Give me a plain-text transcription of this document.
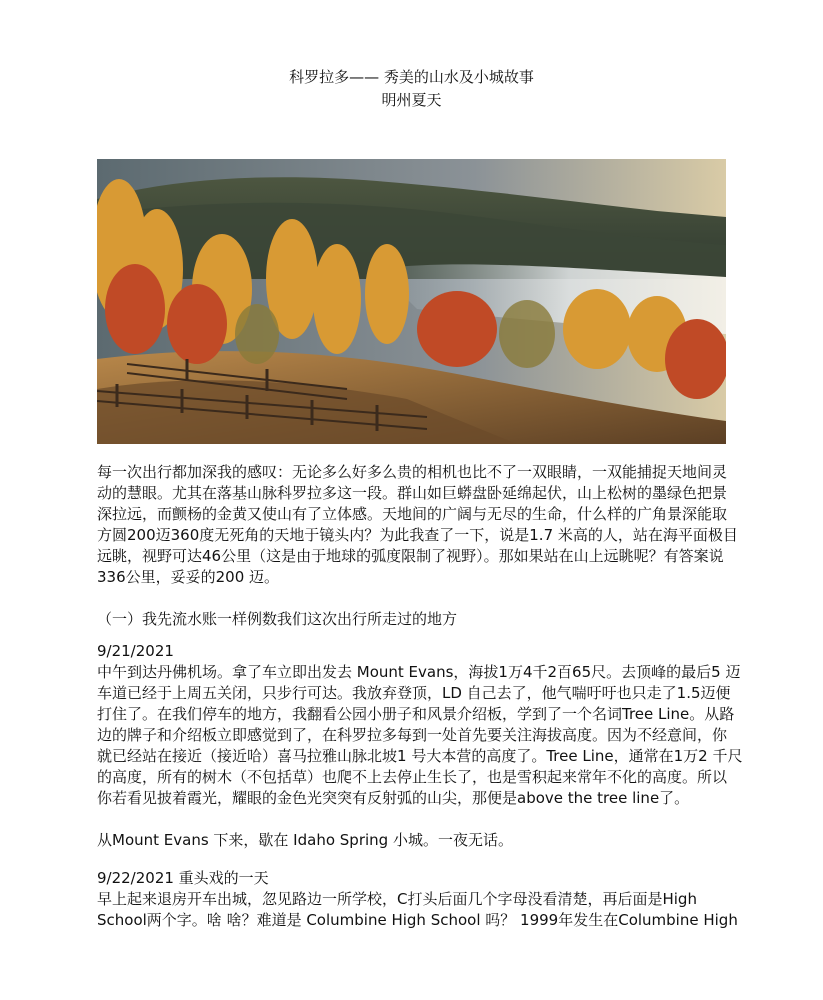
科罗拉多—— 秀美的山水及小城故事
明州夏天
每一次出行都加深我的感叹：无论多么好多么贵的相机也比不了一双眼睛，一双能捕捉天地间灵
动的慧眼。尤其在落基山脉科罗拉多这一段。群山如巨蟒盘卧延绵起伏，山上松树的墨绿色把景
深拉远，而颤杨的金黄又使山有了立体感。天地间的广阔与无尽的生命，什么样的广角景深能取
方圆200迈360度无死角的天地于镜头内？为此我查了一下，说是1.7 米高的人，站在海平面极目
远眺，视野可达46公里（这是由于地球的弧度限制了视野）。那如果站在山上远眺呢？有答案说
336公里，妥妥的200 迈。
（一）我先流水账一样例数我们这次出行所走过的地方
9/21/2021
中午到达丹佛机场。拿了车立即出发去 Mount Evans，海拔1万4千2百65尺。去顶峰的最后5 迈
车道已经于上周五关闭，只步行可达。我放弃登顶，LD 自己去了，他气喘吁吁也只走了1.5迈便
打住了。在我们停车的地方，我翻看公园小册子和风景介绍板，学到了一个名词Tree Line。从路
边的牌子和介绍板立即感觉到了，在科罗拉多每到一处首先要关注海拔高度。因为不经意间，你
就已经站在接近（接近哈）喜马拉雅山脉北坡1 号大本营的高度了。Tree Line，通常在1万2 千尺
的高度，所有的树木（不包括草）也爬不上去停止生长了，也是雪积起来常年不化的高度。所以
你若看见披着霞光，耀眼的金色光突突有反射弧的山尖，那便是above the tree line了。
从Mount Evans 下来，歇在 Idaho Spring 小城。一夜无话。
9/22/2021 重头戏的一天
早上起来退房开车出城，忽见路边一所学校，C打头后面几个字母没看清楚，再后面是High
School两个字。啥 啥？难道是 Columbine High School 吗？ 1999年发生在Columbine High
